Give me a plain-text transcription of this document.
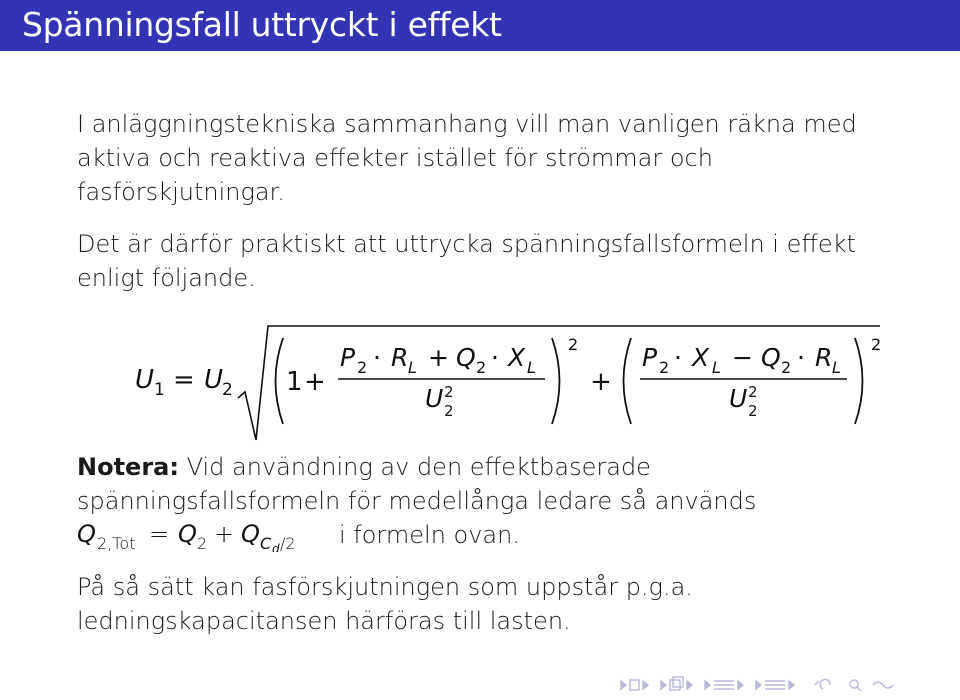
Spänningsfall uttryckt i effekt
I anläggningstekniska sammanhang vill man vanligen räkna med
aktiva och reaktiva effekter istället för strömmar och
fasförskjutningar.
Det är därför praktiskt att uttrycka spänningsfallsformeln i effekt
enligt följande.
U 1 = U
2 1 +
P 2 · R L + Q 2 · X L
U 2
2
2
+
P 2 · X L − Q 2 · R L
U 2
2
2
Notera: Vid användning av den effektbaserade
spänningsfallsformeln för medellånga ledare så används
Q 2,Tot = Q 2 + Q C d /2 i formeln ovan.
På så sätt kan fasförskjutningen som uppstår p.g.a.
ledningskapacitansen härföras till lasten.
